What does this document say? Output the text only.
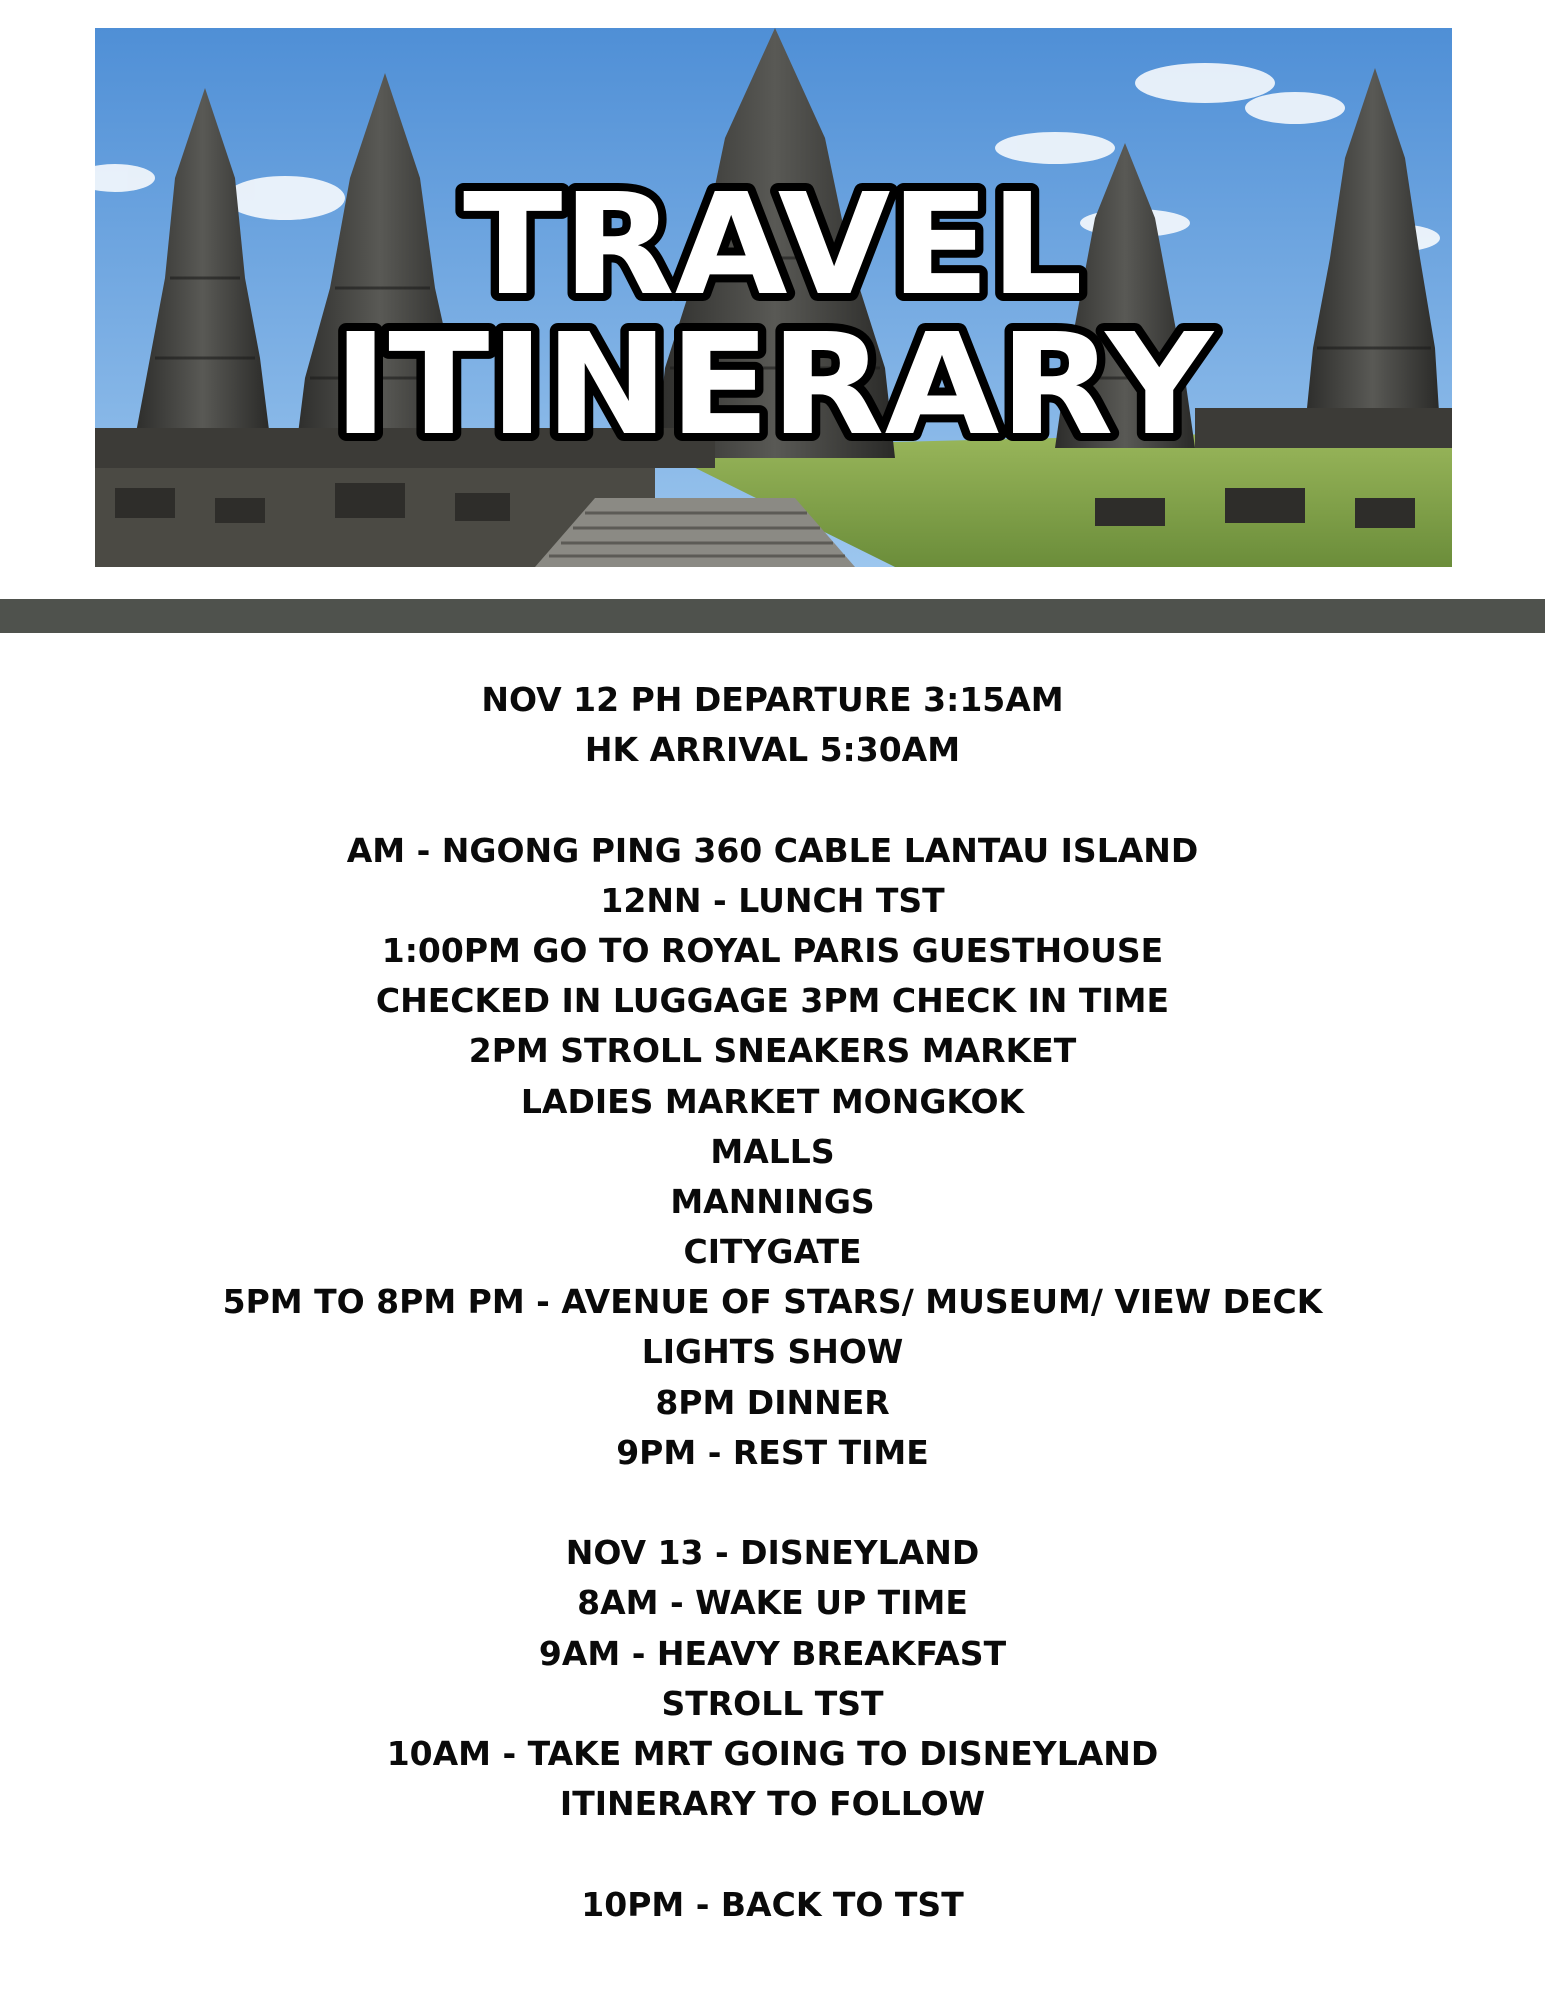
TRAVEL
ITINERARY
NOV 12 PH DEPARTURE 3:15AM
HK ARRIVAL 5:30AM
AM - NGONG PING 360 CABLE LANTAU ISLAND
12NN - LUNCH TST
1:00PM GO TO ROYAL PARIS GUESTHOUSE
CHECKED IN LUGGAGE 3PM CHECK IN TIME
2PM STROLL SNEAKERS MARKET
LADIES MARKET MONGKOK
MALLS
MANNINGS
CITYGATE
5PM TO 8PM PM - AVENUE OF STARS/ MUSEUM/ VIEW DECK
LIGHTS SHOW
8PM DINNER
9PM - REST TIME
NOV 13 - DISNEYLAND
8AM - WAKE UP TIME
9AM - HEAVY BREAKFAST
STROLL TST
10AM - TAKE MRT GOING TO DISNEYLAND
ITINERARY TO FOLLOW
10PM - BACK TO TST
